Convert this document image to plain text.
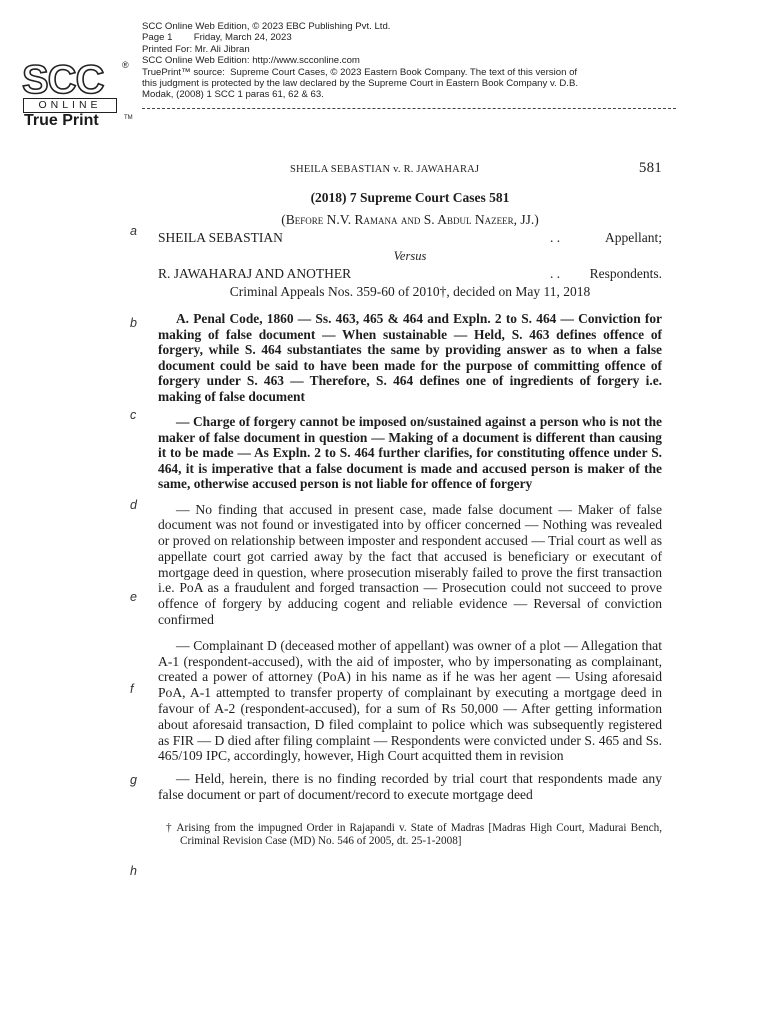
SCC ®
ONLINE
True Print	TM
SCC Online Web Edition, © 2023 EBC Publishing Pvt. Ltd.
Page 1        Friday, March 24, 2023
Printed For: Mr. Ali Jibran
SCC Online Web Edition: http://www.scconline.com
TruePrint™ source:  Supreme Court Cases, © 2023 Eastern Book Company. The text of this version of
this judgment is protected by the law declared by the Supreme Court in Eastern Book Company v. D.B.
Modak, (2008) 1 SCC 1 paras 61, 62 & 63.
a
b
c
d
e
f
g
h
SHEILA SEBASTIAN v. R. JAWAHARAJ	581
(2018) 7 Supreme Court Cases 581
(Before N.V. Ramana and S. Abdul Nazeer, JJ.)
SHEILA SEBASTIAN	. .	Appellant;
Versus
R. JAWAHARAJ AND ANOTHER	. . Respondents.
Criminal Appeals Nos. 359-60 of 2010†, decided on May 11, 2018

A. Penal Code, 1860 — Ss. 463, 465 & 464 and Expln. 2 to S. 464 — Conviction for making of false document — When sustainable — Held, S. 463 defines offence of forgery, while S. 464 substantiates the same by providing answer as to when a false document could be said to have been made for the purpose of committing offence of forgery under S. 463 — Therefore, S. 464 defines one of ingredients of forgery i.e. making of false document

— Charge of forgery cannot be imposed on/sustained against a person who is not the maker of false document in question — Making of a document is different than causing it to be made — As Expln. 2 to S. 464 further clarifies, for constituting offence under S. 464, it is imperative that a false document is made and accused person is maker of the same, otherwise accused person is not liable for offence of forgery

— No finding that accused in present case, made false document — Maker of false document was not found or investigated into by officer concerned — Nothing was revealed or proved on relationship between imposter and respondent accused — Trial court as well as appellate court got carried away by the fact that accused is beneficiary or executant of mortgage deed in question, where prosecution miserably failed to prove the first transaction i.e. PoA as a fraudulent and forged transaction — Prosecution could not succeed to prove offence of forgery by adducing cogent and reliable evidence — Reversal of conviction confirmed

— Complainant D (deceased mother of appellant) was owner of a plot — Allegation that A-1 (respondent-accused), with the aid of imposter, who by impersonating as complainant, created a power of attorney (PoA) in his name as if he was her agent — Using aforesaid PoA, A-1 attempted to transfer property of complainant by executing a mortgage deed in favour of A-2 (respondent-accused), for a sum of Rs 50,000 — After getting information about aforesaid transaction, D filed complaint to police which was subsequently registered as FIR — D died after filing complaint — Respondents were convicted under S. 465 and Ss. 465/109 IPC, accordingly, however, High Court acquitted them in revision

— Held, herein, there is no finding recorded by trial court that respondents made any false document or part of document/record to execute mortgage deed

† Arising from the impugned Order in Rajapandi v. State of Madras [Madras High Court, Madurai Bench, Criminal Revision Case (MD) No. 546 of 2005, dt. 25-1-2008]
